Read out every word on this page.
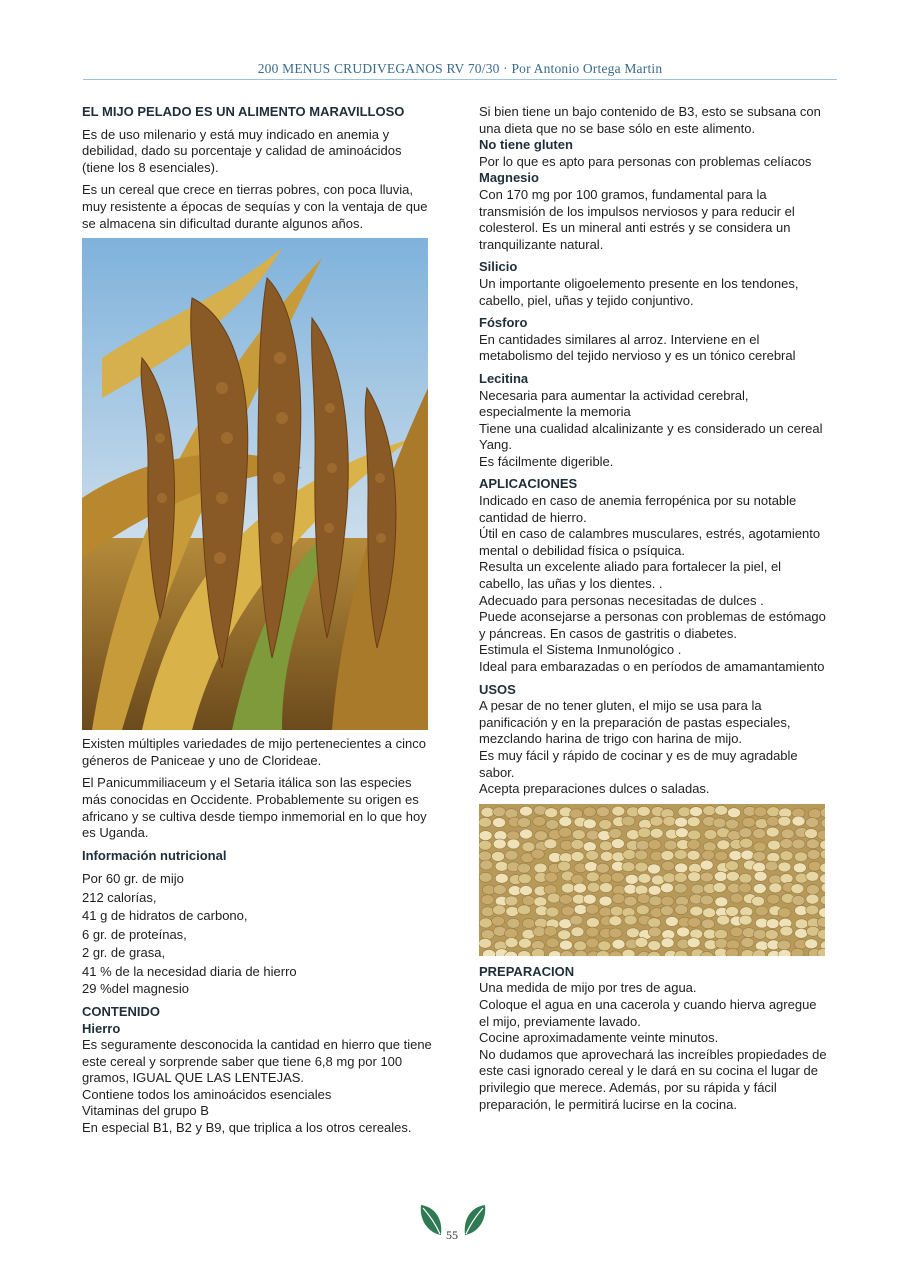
200 MENUS CRUDIVEGANOS RV 70/30 · Por Antonio Ortega Martin

EL MIJO PELADO ES UN ALIMENTO MARAVILLOSO

Es de uso milenario y está muy indicado en anemia y debilidad, dado su porcentaje y calidad de aminoácidos (tiene los 8 esenciales).

Es un cereal que crece en tierras pobres, con poca lluvia, muy resistente a épocas de sequías y con la ventaja de que se almacena sin dificultad durante algunos años.

Existen múltiples variedades de mijo pertenecientes a cinco géneros de Paniceae y uno de Clorideae.

El Panicummiliaceum y el Setaria itálica son las especies más conocidas en Occidente. Probablemente su origen es africano y se cultiva desde tiempo inmemorial en lo que hoy es Uganda.

Información nutricional

Por 60 gr. de mijo
212 calorías,
41 g de hidratos de carbono,
6 gr. de proteínas,
2 gr. de grasa,
41 % de la necesidad diaria de hierro
29 %del magnesio

CONTENIDO

Hierro

Es seguramente desconocida la cantidad en hierro que tiene este cereal y sorprende saber que tiene 6,8 mg por 100 gramos, IGUAL QUE LAS LENTEJAS.

Contiene todos los aminoácidos esenciales

Vitaminas del grupo B

En especial B1, B2 y B9, que triplica a los otros cereales.

Si bien tiene un bajo contenido de B3, esto se subsana con una dieta que no se base sólo en este alimento.

No tiene gluten

Por lo que es apto para personas con problemas celíacos

Magnesio

Con 170 mg por 100 gramos, fundamental para la transmisión de los impulsos nerviosos y para reducir el colesterol. Es un mineral anti estrés y se considera un tranquilizante natural.

Silicio

Un importante oligoelemento presente en los tendones, cabello, piel, uñas y tejido conjuntivo.

Fósforo

En cantidades similares al arroz. Interviene en el metabolismo del tejido nervioso y es un tónico cerebral

Lecitina

Necesaria para aumentar la actividad cerebral, especialmente la memoria

Tiene una cualidad alcalinizante y es considerado un cereal Yang.

Es fácilmente digerible.

APLICACIONES

Indicado en caso de anemia ferropénica por su notable cantidad de hierro.

Útil en caso de calambres musculares, estrés, agotamiento mental o debilidad física o psíquica.

Resulta un excelente aliado para fortalecer la piel, el cabello, las uñas y los dientes. .

Adecuado para personas necesitadas de dulces .

Puede aconsejarse a personas con problemas de estómago y páncreas. En casos de gastritis o diabetes.

Estimula el Sistema Inmunológico .

Ideal para embarazadas o en períodos de amamantamiento

USOS

A pesar de no tener gluten, el mijo se usa para la panificación y en la preparación de pastas especiales, mezclando harina de trigo con harina de mijo.

Es muy fácil y rápido de cocinar y es de muy agradable sabor.

Acepta preparaciones dulces o saladas.

PREPARACION

Una medida de mijo por tres de agua.

Coloque el agua en una cacerola y cuando hierva agregue el mijo, previamente lavado.

Cocine aproximadamente veinte minutos.

No dudamos que aprovechará las increíbles propiedades de este casi ignorado cereal y le dará en su cocina el lugar de privilegio que merece. Además, por su rápida y fácil preparación, le permitirá lucirse en la cocina.

55
